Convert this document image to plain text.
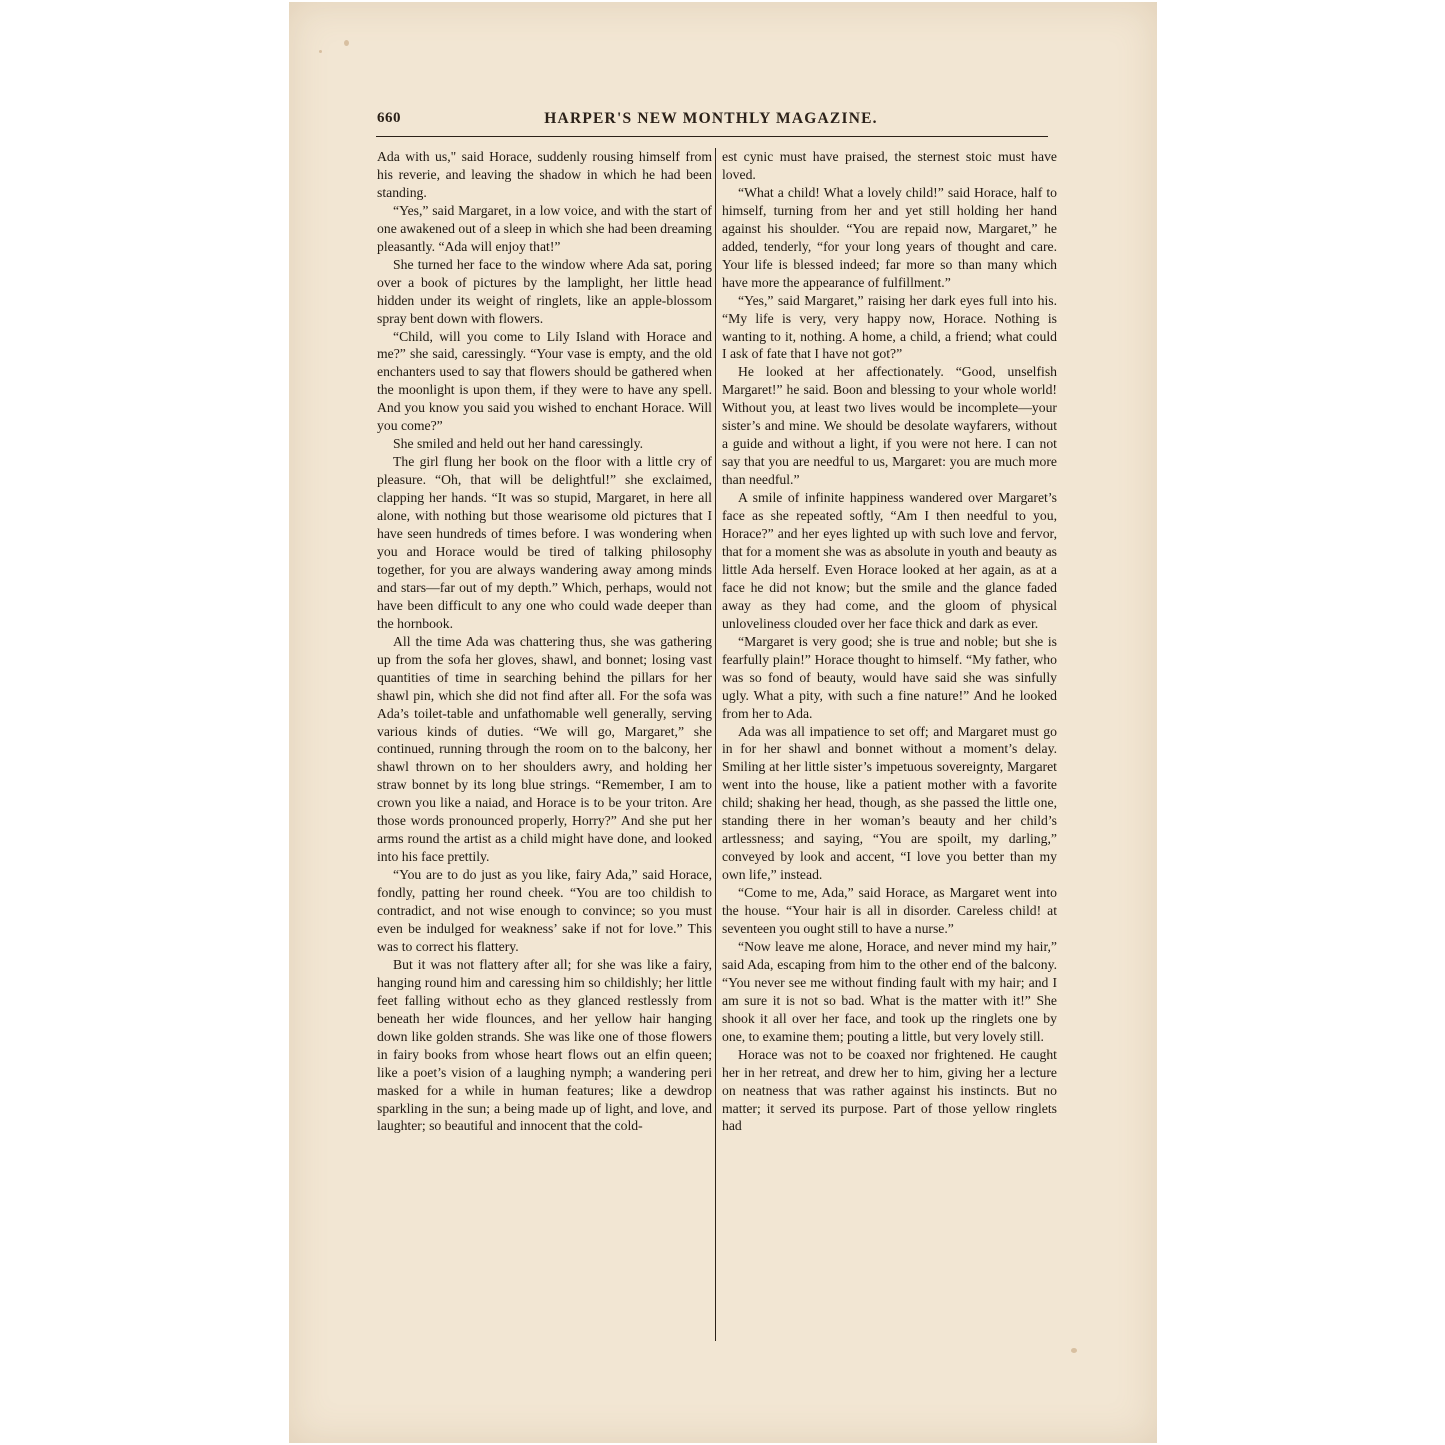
660	HARPER'S NEW MONTHLY MAGAZINE.

Ada with us," said Horace, suddenly rousing himself from his reverie, and leaving the shadow in which he had been standing.

“Yes,” said Margaret, in a low voice, and with the start of one awakened out of a sleep in which she had been dreaming pleasantly. “Ada will enjoy that!”

She turned her face to the window where Ada sat, poring over a book of pictures by the lamplight, her little head hidden under its weight of ringlets, like an apple-blossom spray bent down with flowers.

“Child, will you come to Lily Island with Horace and me?” she said, caressingly. “Your vase is empty, and the old enchanters used to say that flowers should be gathered when the moonlight is upon them, if they were to have any spell. And you know you said you wished to enchant Horace. Will you come?”

She smiled and held out her hand caressingly.

The girl flung her book on the floor with a little cry of pleasure. “Oh, that will be delightful!” she exclaimed, clapping her hands. “It was so stupid, Margaret, in here all alone, with nothing but those wearisome old pictures that I have seen hundreds of times before. I was wondering when you and Horace would be tired of talking philosophy together, for you are always wandering away among minds and stars—far out of my depth.” Which, perhaps, would not have been difficult to any one who could wade deeper than the hornbook.

All the time Ada was chattering thus, she was gathering up from the sofa her gloves, shawl, and bonnet; losing vast quantities of time in searching behind the pillars for her shawl pin, which she did not find after all. For the sofa was Ada’s toilet-table and unfathomable well generally, serving various kinds of duties. “We will go, Margaret,” she continued, running through the room on to the balcony, her shawl thrown on to her shoulders awry, and holding her straw bonnet by its long blue strings. “Remember, I am to crown you like a naiad, and Horace is to be your triton. Are those words pronounced properly, Horry?” And she put her arms round the artist as a child might have done, and looked into his face prettily.

“You are to do just as you like, fairy Ada,” said Horace, fondly, patting her round cheek. “You are too childish to contradict, and not wise enough to convince; so you must even be indulged for weakness’ sake if not for love.” This was to correct his flattery.

But it was not flattery after all; for she was like a fairy, hanging round him and caressing him so childishly; her little feet falling without echo as they glanced restlessly from beneath her wide flounces, and her yellow hair hanging down like golden strands. She was like one of those flowers in fairy books from whose heart flows out an elfin queen; like a poet’s vision of a laughing nymph; a wandering peri masked for a while in human features; like a dewdrop sparkling in the sun; a being made up of light, and love, and laughter; so beautiful and innocent that the cold-

est cynic must have praised, the sternest stoic must have loved.

“What a child! What a lovely child!” said Horace, half to himself, turning from her and yet still holding her hand against his shoulder. “You are repaid now, Margaret,” he added, tenderly, “for your long years of thought and care. Your life is blessed indeed; far more so than many which have more the appearance of fulfillment.”

“Yes,” said Margaret,” raising her dark eyes full into his. “My life is very, very happy now, Horace. Nothing is wanting to it, nothing. A home, a child, a friend; what could I ask of fate that I have not got?”

He looked at her affectionately. “Good, unselfish Margaret!” he said. Boon and blessing to your whole world! Without you, at least two lives would be incomplete—your sister’s and mine. We should be desolate wayfarers, without a guide and without a light, if you were not here. I can not say that you are needful to us, Margaret: you are much more than needful.”

A smile of infinite happiness wandered over Margaret’s face as she repeated softly, “Am I then needful to you, Horace?” and her eyes lighted up with such love and fervor, that for a moment she was as absolute in youth and beauty as little Ada herself. Even Horace looked at her again, as at a face he did not know; but the smile and the glance faded away as they had come, and the gloom of physical unloveliness clouded over her face thick and dark as ever.

“Margaret is very good; she is true and noble; but she is fearfully plain!” Horace thought to himself. “My father, who was so fond of beauty, would have said she was sinfully ugly. What a pity, with such a fine nature!” And he looked from her to Ada.

Ada was all impatience to set off; and Margaret must go in for her shawl and bonnet without a moment’s delay. Smiling at her little sister’s impetuous sovereignty, Margaret went into the house, like a patient mother with a favorite child; shaking her head, though, as she passed the little one, standing there in her woman’s beauty and her child’s artlessness; and saying, “You are spoilt, my darling,” conveyed by look and accent, “I love you better than my own life,” instead.

“Come to me, Ada,” said Horace, as Margaret went into the house. “Your hair is all in disorder. Careless child! at seventeen you ought still to have a nurse.”

“Now leave me alone, Horace, and never mind my hair,” said Ada, escaping from him to the other end of the balcony. “You never see me without finding fault with my hair; and I am sure it is not so bad. What is the matter with it!” She shook it all over her face, and took up the ringlets one by one, to examine them; pouting a little, but very lovely still.

Horace was not to be coaxed nor frightened. He caught her in her retreat, and drew her to him, giving her a lecture on neatness that was rather against his instincts. But no matter; it served its purpose. Part of those yellow ringlets had
